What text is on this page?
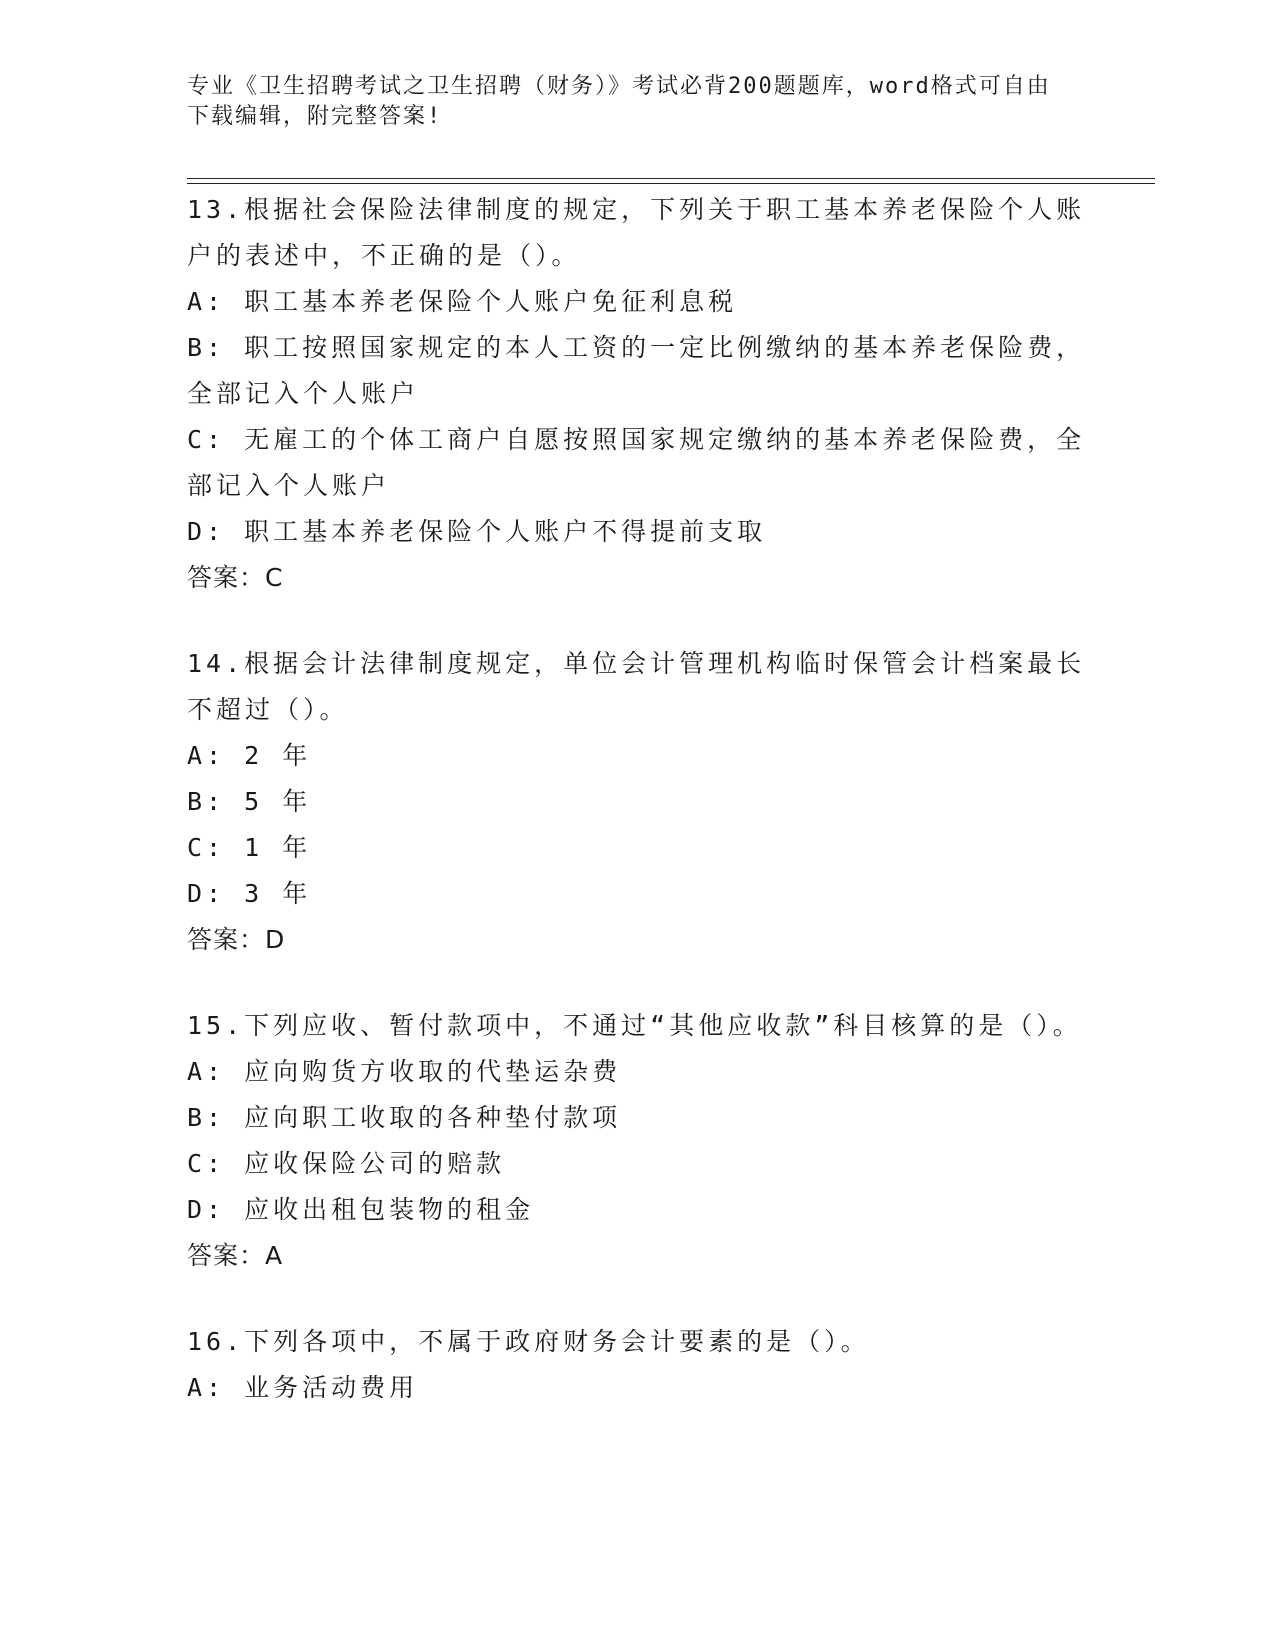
专业《卫生招聘考试之卫生招聘（财务）》考试必背200题题库，word格式可自由下载编辑，附完整答案!
13.根据社会保险法律制度的规定，下列关于职工基本养老保险个人账户的表述中，不正确的是（）。
A: 职工基本养老保险个人账户免征利息税
B: 职工按照国家规定的本人工资的一定比例缴纳的基本养老保险费，全部记入个人账户
C: 无雇工的个体工商户自愿按照国家规定缴纳的基本养老保险费，全部记入个人账户
D: 职工基本养老保险个人账户不得提前支取
答案：C
14.根据会计法律制度规定，单位会计管理机构临时保管会计档案最长不超过（）。
A: 2 年
B: 5 年
C: 1 年
D: 3 年
答案：D
15.下列应收、暂付款项中，不通过“其他应收款”科目核算的是（）。
A: 应向购货方收取的代垫运杂费
B: 应向职工收取的各种垫付款项
C: 应收保险公司的赔款
D: 应收出租包装物的租金
答案：A
16.下列各项中，不属于政府财务会计要素的是（）。
A: 业务活动费用
